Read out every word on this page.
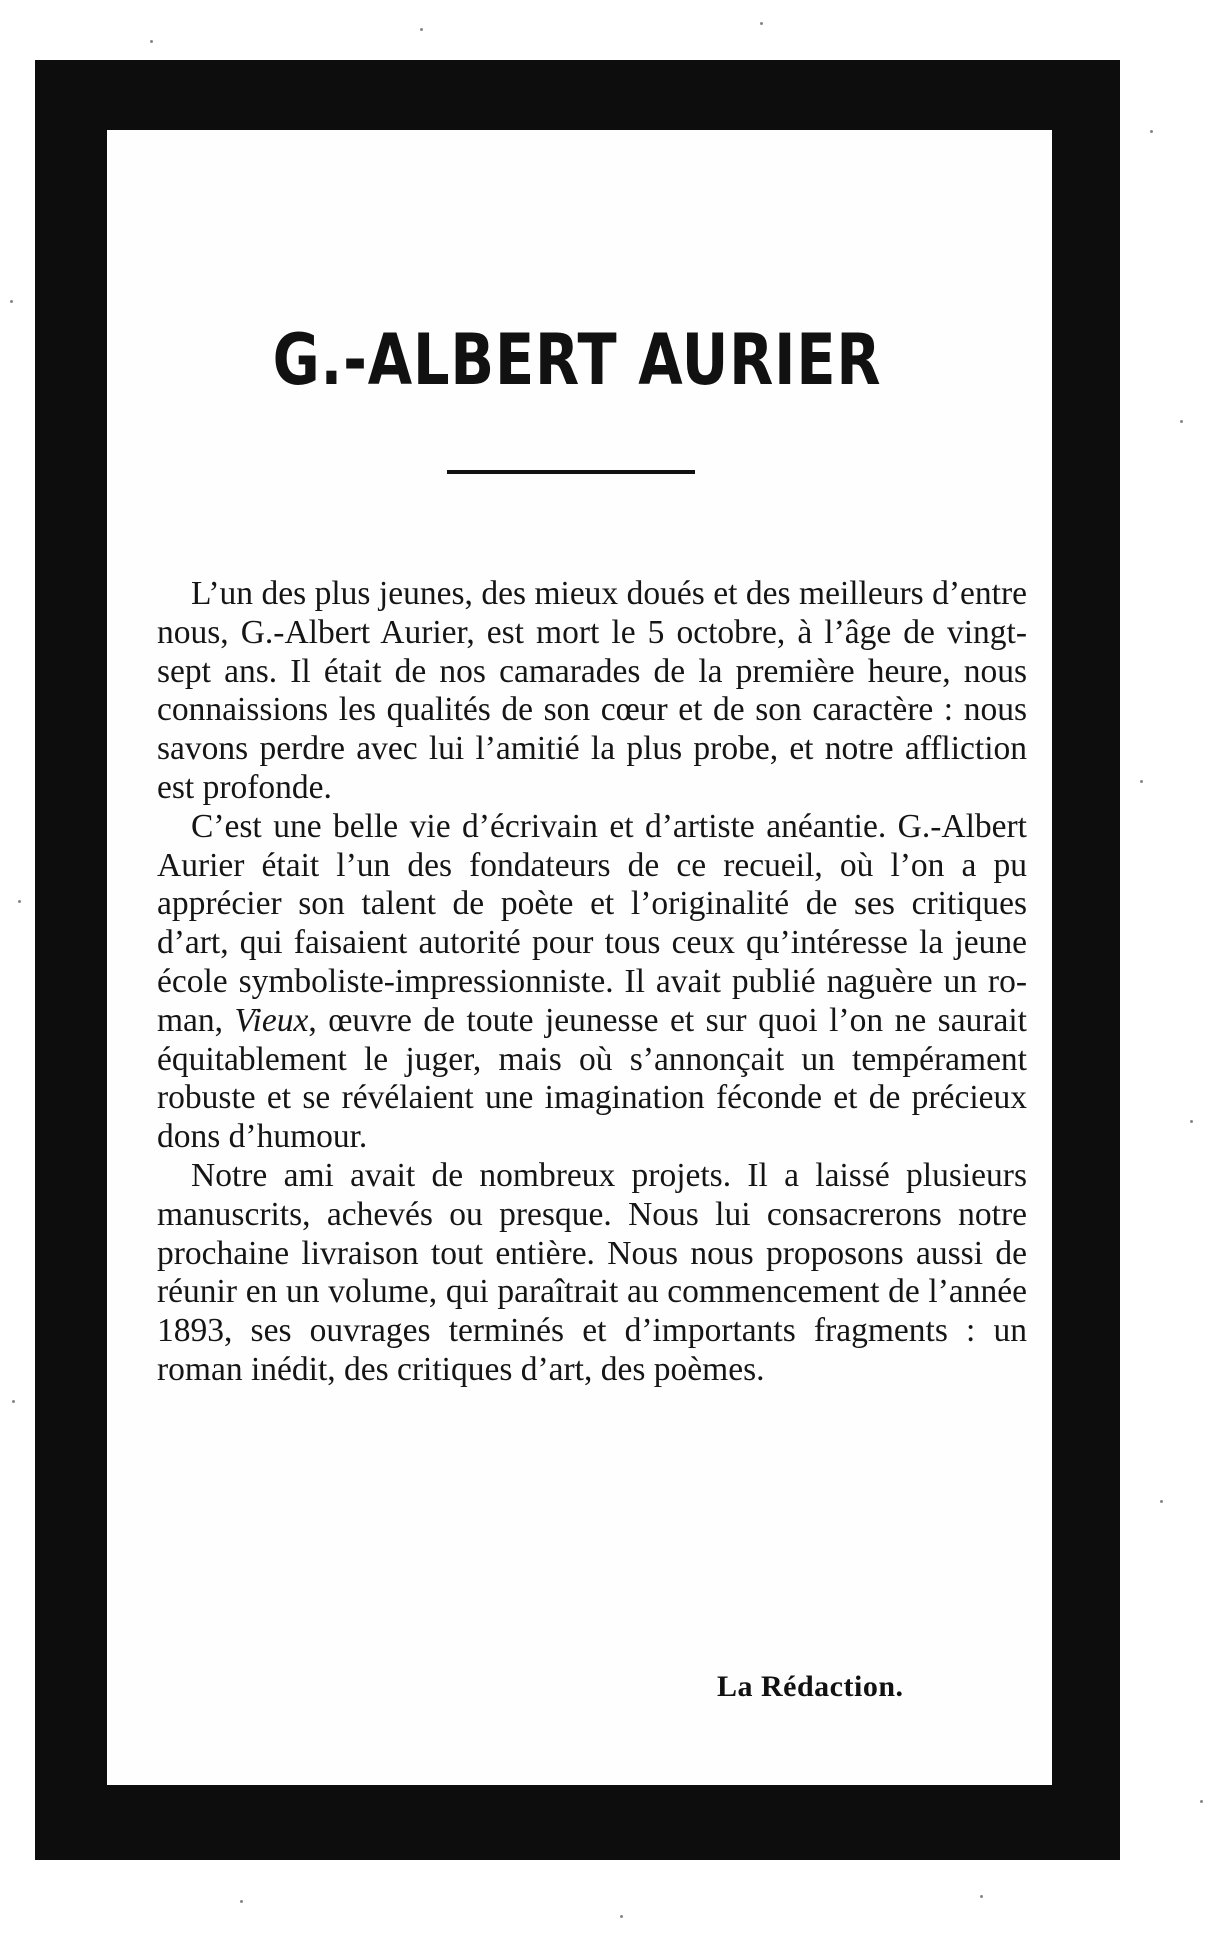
G.-ALBERT AURIER

L’un des plus jeunes, des mieux doués et des meilleurs d’entre nous, G.-Albert Aurier, est mort le 5 octobre, à l’âge de vingt-sept ans. Il était de nos camarades de la première heure, nous connaissions les qualités de son cœur et de son caractère : nous savons perdre avec lui l’amitié la plus probe, et notre affliction est profonde.

C’est une belle vie d’écrivain et d’artiste anéantie. G.-Albert Aurier était l’un des fondateurs de ce recueil, où l’on a pu apprécier son talent de poète et l’originalité de ses critiques d’art, qui faisaient autorité pour tous ceux qu’intéresse la jeune école symboliste-impressionniste. Il avait publié naguère un roman, Vieux, œuvre de toute jeunesse et sur quoi l’on ne saurait équitablement le juger, mais où s’annonçait un tempérament robuste et se révélaient une imagination féconde et de précieux dons d’humour.

Notre ami avait de nombreux projets. Il a laissé plusieurs manuscrits, achevés ou presque. Nous lui consacrerons notre prochaine livraison tout entière. Nous nous proposons aussi de réunir en un volume, qui paraîtrait au commencement de l’année 1893, ses ouvrages terminés et d’importants fragments : un roman inédit, des critiques d’art, des poèmes.

La Rédaction.
